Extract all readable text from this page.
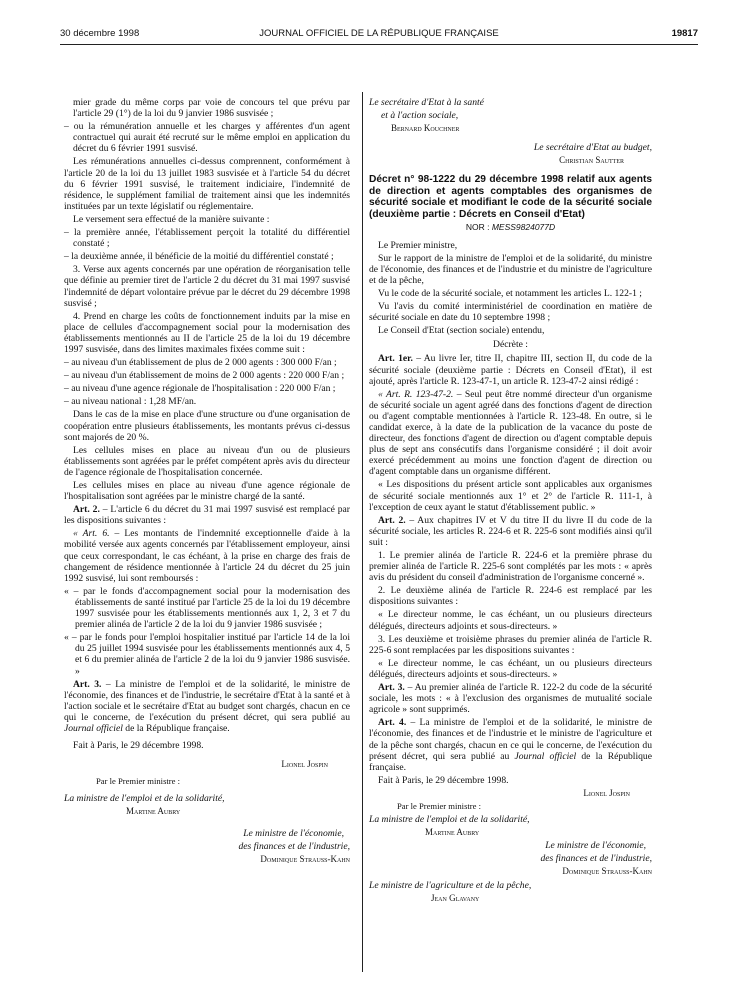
30 décembre 1998	JOURNAL OFFICIEL DE LA RÉPUBLIQUE FRANÇAISE	19817

mier grade du même corps par voie de concours tel que prévu par l'article 29 (1°) de la loi du 9 janvier 1986 susvisée ;

– ou la rémunération annuelle et les charges y afférentes d'un agent contractuel qui aurait été recruté sur le même emploi en application du décret du 6 février 1991 susvisé.

Les rémunérations annuelles ci-dessus comprennent, conformément à l'article 20 de la loi du 13 juillet 1983 susvisée et à l'article 54 du décret du 6 février 1991 susvisé, le traitement indiciaire, l'indemnité de résidence, le supplément familial de traitement ainsi que les indemnités instituées par un texte législatif ou réglementaire.

Le versement sera effectué de la manière suivante :

– la première année, l'établissement perçoit la totalité du différentiel constaté ;

– la deuxième année, il bénéficie de la moitié du différentiel constaté ;

3. Verse aux agents concernés par une opération de réorganisation telle que définie au premier tiret de l'article 2 du décret du 31 mai 1997 susvisé l'indemnité de départ volontaire prévue par le décret du 29 décembre 1998 susvisé ;

4. Prend en charge les coûts de fonctionnement induits par la mise en place de cellules d'accompagnement social pour la modernisation des établissements mentionnés au II de l'article 25 de la loi du 19 décembre 1997 susvisée, dans des limites maximales fixées comme suit :

– au niveau d'un établissement de plus de 2 000 agents : 300 000 F/an ;

– au niveau d'un établissement de moins de 2 000 agents : 220 000 F/an ;

– au niveau d'une agence régionale de l'hospitalisation : 220 000 F/an ;

– au niveau national : 1,28 MF/an.

Dans le cas de la mise en place d'une structure ou d'une organisation de coopération entre plusieurs établissements, les montants prévus ci-dessus sont majorés de 20 %.

Les cellules mises en place au niveau d'un ou de plusieurs établissements sont agréées par le préfet compétent après avis du directeur de l'agence régionale de l'hospitalisation concernée.

Les cellules mises en place au niveau d'une agence régionale de l'hospitalisation sont agréées par le ministre chargé de la santé.

Art. 2. – L'article 6 du décret du 31 mai 1997 susvisé est remplacé par les dispositions suivantes :

« Art. 6. – Les montants de l'indemnité exceptionnelle d'aide à la mobilité versée aux agents concernés par l'établissement employeur, ainsi que ceux correspondant, le cas échéant, à la prise en charge des frais de changement de résidence mentionnée à l'article 24 du décret du 25 juin 1992 susvisé, lui sont remboursés :

« – par le fonds d'accompagnement social pour la modernisation des établissements de santé institué par l'article 25 de la loi du 19 décembre 1997 susvisée pour les établissements mentionnés aux 1, 2, 3 et 7 du premier alinéa de l'article 2 de la loi du 9 janvier 1986 susvisée ;

« – par le fonds pour l'emploi hospitalier institué par l'article 14 de la loi du 25 juillet 1994 susvisée pour les établissements mentionnés aux 4, 5 et 6 du premier alinéa de l'article 2 de la loi du 9 janvier 1986 susvisée. »

Art. 3. – La ministre de l'emploi et de la solidarité, le ministre de l'économie, des finances et de l'industrie, le secrétaire d'Etat à la santé et à l'action sociale et le secrétaire d'Etat au budget sont chargés, chacun en ce qui le concerne, de l'exécution du présent décret, qui sera publié au Journal officiel de la République française.

Fait à Paris, le 29 décembre 1998.

Lionel Jospin

Par le Premier ministre :

La ministre de l'emploi et de la solidarité,

Martine Aubry

Le ministre de l'économie,

des finances et de l'industrie,

Dominique Strauss-Kahn

Le secrétaire d'Etat à la santé

et à l'action sociale,

Bernard Kouchner

Le secrétaire d'Etat au budget,

Christian Sautter

Décret n° 98-1222 du 29 décembre 1998 relatif aux agents de direction et agents comptables des organismes de sécurité sociale et modifiant le code de la sécurité sociale (deuxième partie : Décrets en Conseil d'Etat)

NOR : MESS9824077D

Le Premier ministre,

Sur le rapport de la ministre de l'emploi et de la solidarité, du ministre de l'économie, des finances et de l'industrie et du ministre de l'agriculture et de la pêche,

Vu le code de la sécurité sociale, et notamment les articles L. 122-1 ;

Vu l'avis du comité interministériel de coordination en matière de sécurité sociale en date du 10 septembre 1998 ;

Le Conseil d'Etat (section sociale) entendu,

Décrète :

Art. 1er. – Au livre Ier, titre II, chapitre III, section II, du code de la sécurité sociale (deuxième partie : Décrets en Conseil d'Etat), il est ajouté, après l'article R. 123-47-1, un article R. 123-47-2 ainsi rédigé :

« Art. R. 123-47-2. – Seul peut être nommé directeur d'un organisme de sécurité sociale un agent agréé dans des fonctions d'agent de direction ou d'agent comptable mentionnées à l'article R. 123-48. En outre, si le candidat exerce, à la date de la publication de la vacance du poste de directeur, des fonctions d'agent de direction ou d'agent comptable depuis plus de sept ans consécutifs dans l'organisme considéré ; il doit avoir exercé précédemment au moins une fonction d'agent de direction ou d'agent comptable dans un organisme différent.

« Les dispositions du présent article sont applicables aux organismes de sécurité sociale mentionnés aux 1° et 2° de l'article R. 111-1, à l'exception de ceux ayant le statut d'établissement public. »

Art. 2. – Aux chapitres IV et V du titre II du livre II du code de la sécurité sociale, les articles R. 224-6 et R. 225-6 sont modifiés ainsi qu'il suit :

1. Le premier alinéa de l'article R. 224-6 et la première phrase du premier alinéa de l'article R. 225-6 sont complétés par les mots : « après avis du président du conseil d'administration de l'organisme concerné ».

2. Le deuxième alinéa de l'article R. 224-6 est remplacé par les dispositions suivantes :

« Le directeur nomme, le cas échéant, un ou plusieurs directeurs délégués, directeurs adjoints et sous-directeurs. »

3. Les deuxième et troisième phrases du premier alinéa de l'article R. 225-6 sont remplacées par les dispositions suivantes :

« Le directeur nomme, le cas échéant, un ou plusieurs directeurs délégués, directeurs adjoints et sous-directeurs. »

Art. 3. – Au premier alinéa de l'article R. 122-2 du code de la sécurité sociale, les mots : « à l'exclusion des organismes de mutualité sociale agricole » sont supprimés.

Art. 4. – La ministre de l'emploi et de la solidarité, le ministre de l'économie, des finances et de l'industrie et le ministre de l'agriculture et de la pêche sont chargés, chacun en ce qui le concerne, de l'exécution du présent décret, qui sera publié au Journal officiel de la République française.

Fait à Paris, le 29 décembre 1998.

Lionel Jospin

Par le Premier ministre :

La ministre de l'emploi et de la solidarité,

Martine Aubry

Le ministre de l'économie,

des finances et de l'industrie,

Dominique Strauss-Kahn

Le ministre de l'agriculture et de la pêche,

Jean Glavany
